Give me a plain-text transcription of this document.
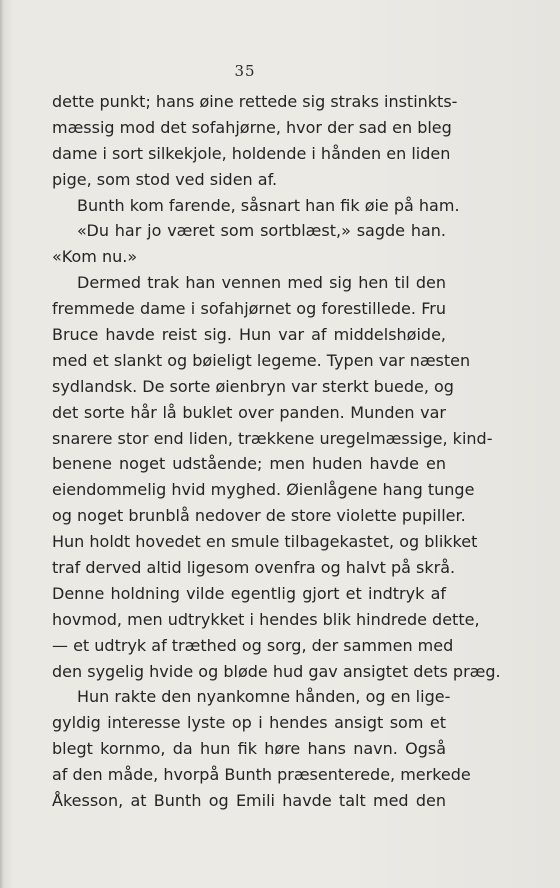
35
dette punkt; hans øine rettede sig straks instinkts-
mæssig mod det sofahjørne, hvor der sad en bleg
dame i sort silkekjole, holdende i hånden en liden
pige, som stod ved siden af.
Bunth kom farende, såsnart han fik øie på ham.
«Du har jo været som sortblæst,» sagde han.
«Kom nu.»
Dermed trak han vennen med sig hen til den
fremmede dame i sofahjørnet og forestillede. Fru
Bruce havde reist sig. Hun var af middelshøide,
med et slankt og bøieligt legeme. Typen var næsten
sydlandsk. De sorte øienbryn var sterkt buede, og
det sorte hår lå buklet over panden. Munden var
snarere stor end liden, trækkene uregelmæssige, kind-
benene noget udstående; men huden havde en
eiendommelig hvid myghed. Øienlågene hang tunge
og noget brunblå nedover de store violette pupiller.
Hun holdt hovedet en smule tilbagekastet, og blikket
traf derved altid ligesom ovenfra og halvt på skrå.
Denne holdning vilde egentlig gjort et indtryk af
hovmod, men udtrykket i hendes blik hindrede dette,
— et udtryk af træthed og sorg, der sammen med
den sygelig hvide og bløde hud gav ansigtet dets præg.
Hun rakte den nyankomne hånden, og en lige-
gyldig interesse lyste op i hendes ansigt som et
blegt kornmo, da hun fik høre hans navn. Også
af den måde, hvorpå Bunth præsenterede, merkede
Åkesson, at Bunth og Emili havde talt med den
